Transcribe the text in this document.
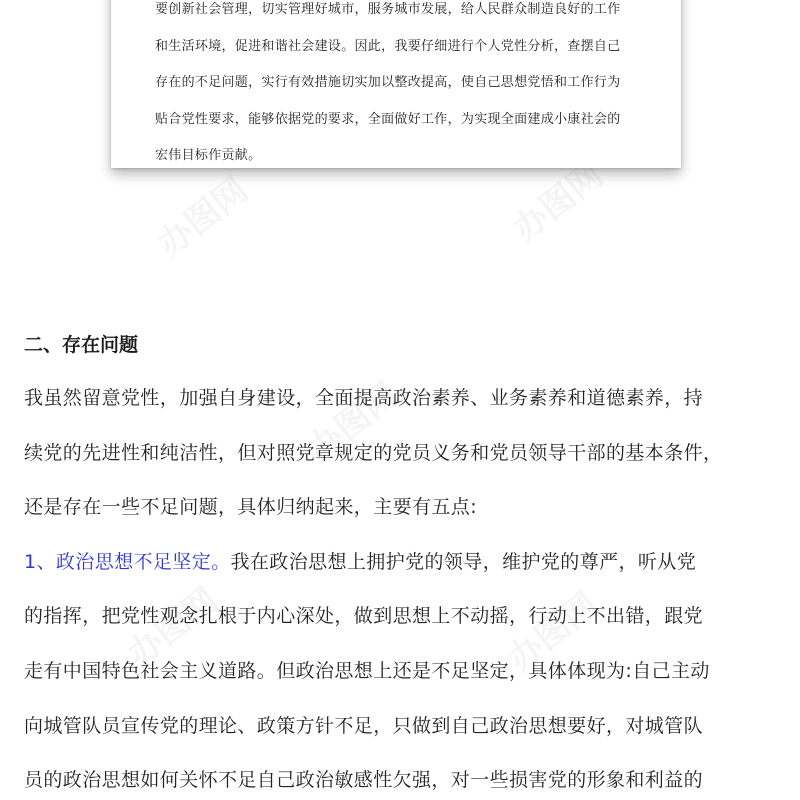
要创新社会管理，切实管理好城市，服务城市发展，给人民群众制造良好的工作
和生活环境，促进和谐社会建设。因此，我要仔细进行个人党性分析，查摆自己
存在的不足问题，实行有效措施切实加以整改提高，使自己思想党悟和工作行为
贴合党性要求，能够依据党的要求，全面做好工作，为实现全面建成小康社会的
宏伟目标作贡献。
二、存在问题
我虽然留意党性，加强自身建设，全面提高政治素养、业务素养和道德素养，持
续党的先进性和纯洁性，但对照党章规定的党员义务和党员领导干部的基本条件，
还是存在一些不足问题，具体归纳起来，主要有五点:
1、政治思想不足坚定。我在政治思想上拥护党的领导，维护党的尊严，听从党
的指挥，把党性观念扎根于内心深处，做到思想上不动摇，行动上不出错，跟党
走有中国特色社会主义道路。但政治思想上还是不足坚定，具体体现为:自己主动
向城管队员宣传党的理论、政策方针不足，只做到自己政治思想要好，对城管队
员的政治思想如何关怀不足自己政治敏感性欠强，对一些损害党的形象和利益的
